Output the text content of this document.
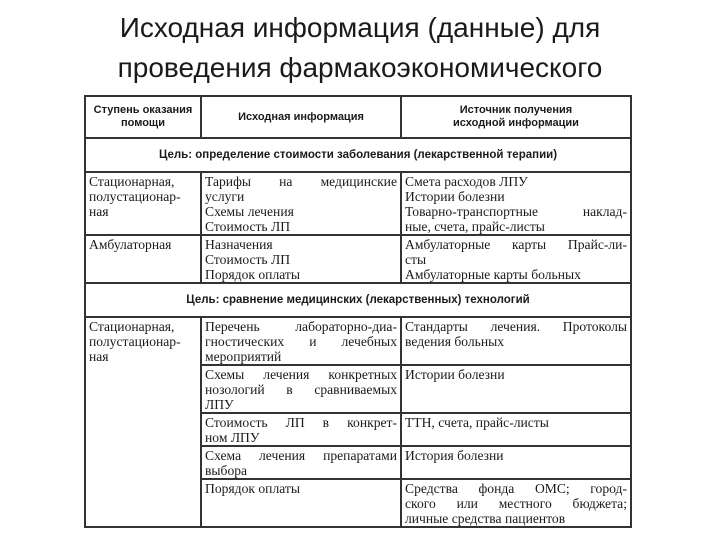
Исходная информация (данные) для
проведения фармакоэкономического
Ступень оказания
помощи	Исходная информация	Источник получения
исходной информации

Цель: определение стоимости заболевания (лекарственной терапии)		

Стационарная,
полустационар-
ная	Тарифы на медицинские
услуги
Схемы лечения
Стоимость ЛП	Смета расходов ЛПУ
Истории болезни
Товарно-транспортные наклад-
ные, счета, прайс-листы

Амбулаторная	Назначения
Стоимость ЛП
Порядок оплаты	Амбулаторные карты Прайс-ли-
сты
Амбулаторные карты больных

Цель: сравнение медицинских (лекарственных) технологий		

Стационарная,
полустационар-
ная	Перечень лабораторно-диа-
гностических и лечебных
мероприятий	Стандарты лечения. Протоколы
ведения больных

	Схемы лечения конкретных
нозологий в сравниваемых
ЛПУ	Истории болезни

	Стоимость ЛП в конкрет-
ном ЛПУ	ТТН, счета, прайс-листы

	Схема лечения препаратами
выбора	История болезни

	Порядок оплаты	Средства фонда ОМС; город-
ского или местного бюджета;
личные средства пациентов
